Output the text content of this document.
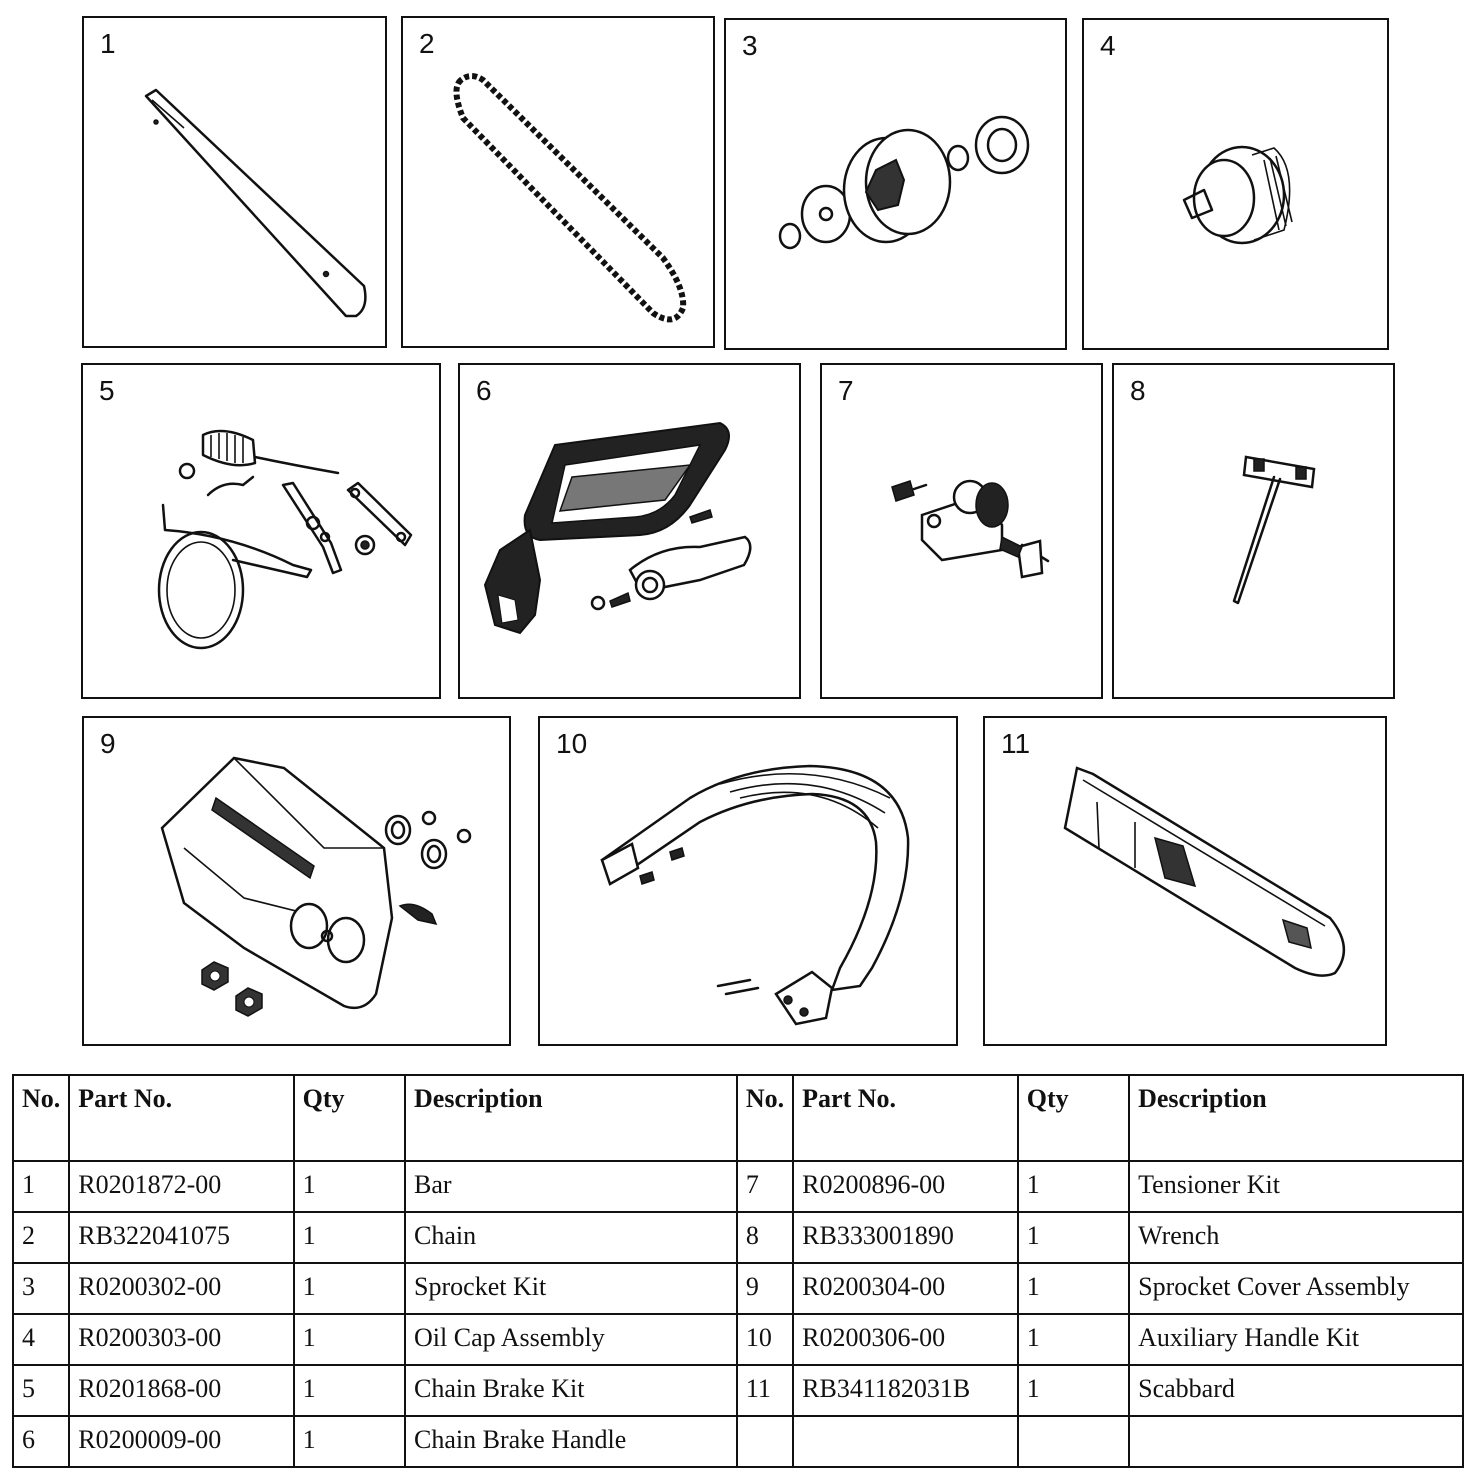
1	2	3	4
5	6	7	8
9	10	11
No.	Part No.	Qty	Description	No.	Part No.	Qty	Description
1	R0201872-00	1	Bar	7	R0200896-00	1	Tensioner Kit
2	RB322041075	1	Chain	8	RB333001890	1	Wrench
3	R0200302-00	1	Sprocket Kit	9	R0200304-00	1	Sprocket Cover Assembly
4	R0200303-00	1	Oil Cap Assembly	10	R0200306-00	1	Auxiliary Handle Kit
5	R0201868-00	1	Chain Brake Kit	11	RB341182031B	1	Scabbard
6	R0200009-00	1	Chain Brake Handle				
